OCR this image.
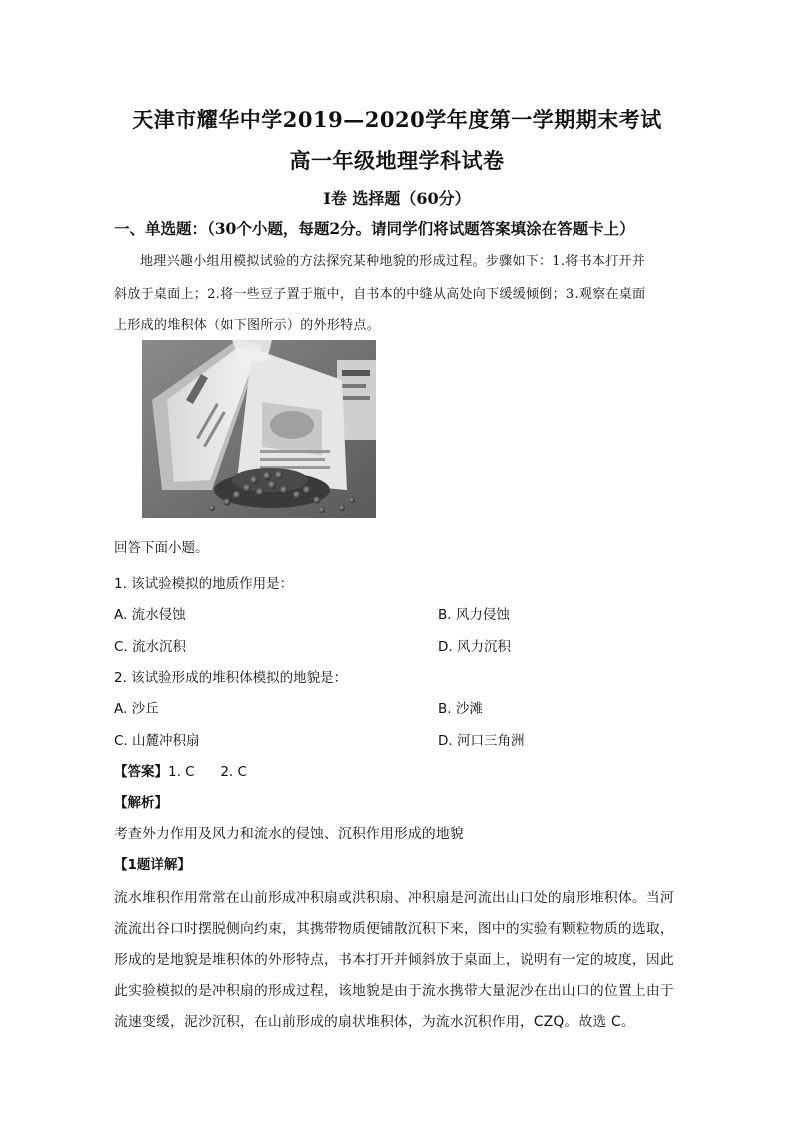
天津市耀华中学2019—2020学年度第一学期期末考试
高一年级地理学科试卷
I卷 选择题（60分）
一、单选题：（30个小题，每题2分。请同学们将试题答案填涂在答题卡上）
地理兴趣小组用模拟试验的方法探究某种地貌的形成过程。步骤如下：1.将书本打开并
斜放于桌面上；2.将一些豆子置于瓶中，自书本的中缝从高处向下缓缓倾倒；3.观察在桌面
上形成的堆积体（如下图所示）的外形特点。
回答下面小题。
1. 该试验模拟的地质作用是：
A. 流水侵蚀	B. 风力侵蚀
C. 流水沉积	D. 风力沉积
2. 该试验形成的堆积体模拟的地貌是：
A. 沙丘	B. 沙滩
C. 山麓冲积扇	D. 河口三角洲
【答案】1. C      2. C
【解析】
考查外力作用及风力和流水的侵蚀、沉积作用形成的地貌
【1题详解】
流水堆积作用常常在山前形成冲积扇或洪积扇、冲积扇是河流出山口处的扇形堆积体。当河
流流出谷口时摆脱侧向约束，其携带物质便铺散沉积下来，图中的实验有颗粒物质的选取，
形成的是地貌是堆积体的外形特点，书本打开并倾斜放于桌面上，说明有一定的坡度，因此
此实验模拟的是冲积扇的形成过程，该地貌是由于流水携带大量泥沙在出山口的位置上由于
流速变缓，泥沙沉积，在山前形成的扇状堆积体，为流水沉积作用，CZQ。故选 C。
